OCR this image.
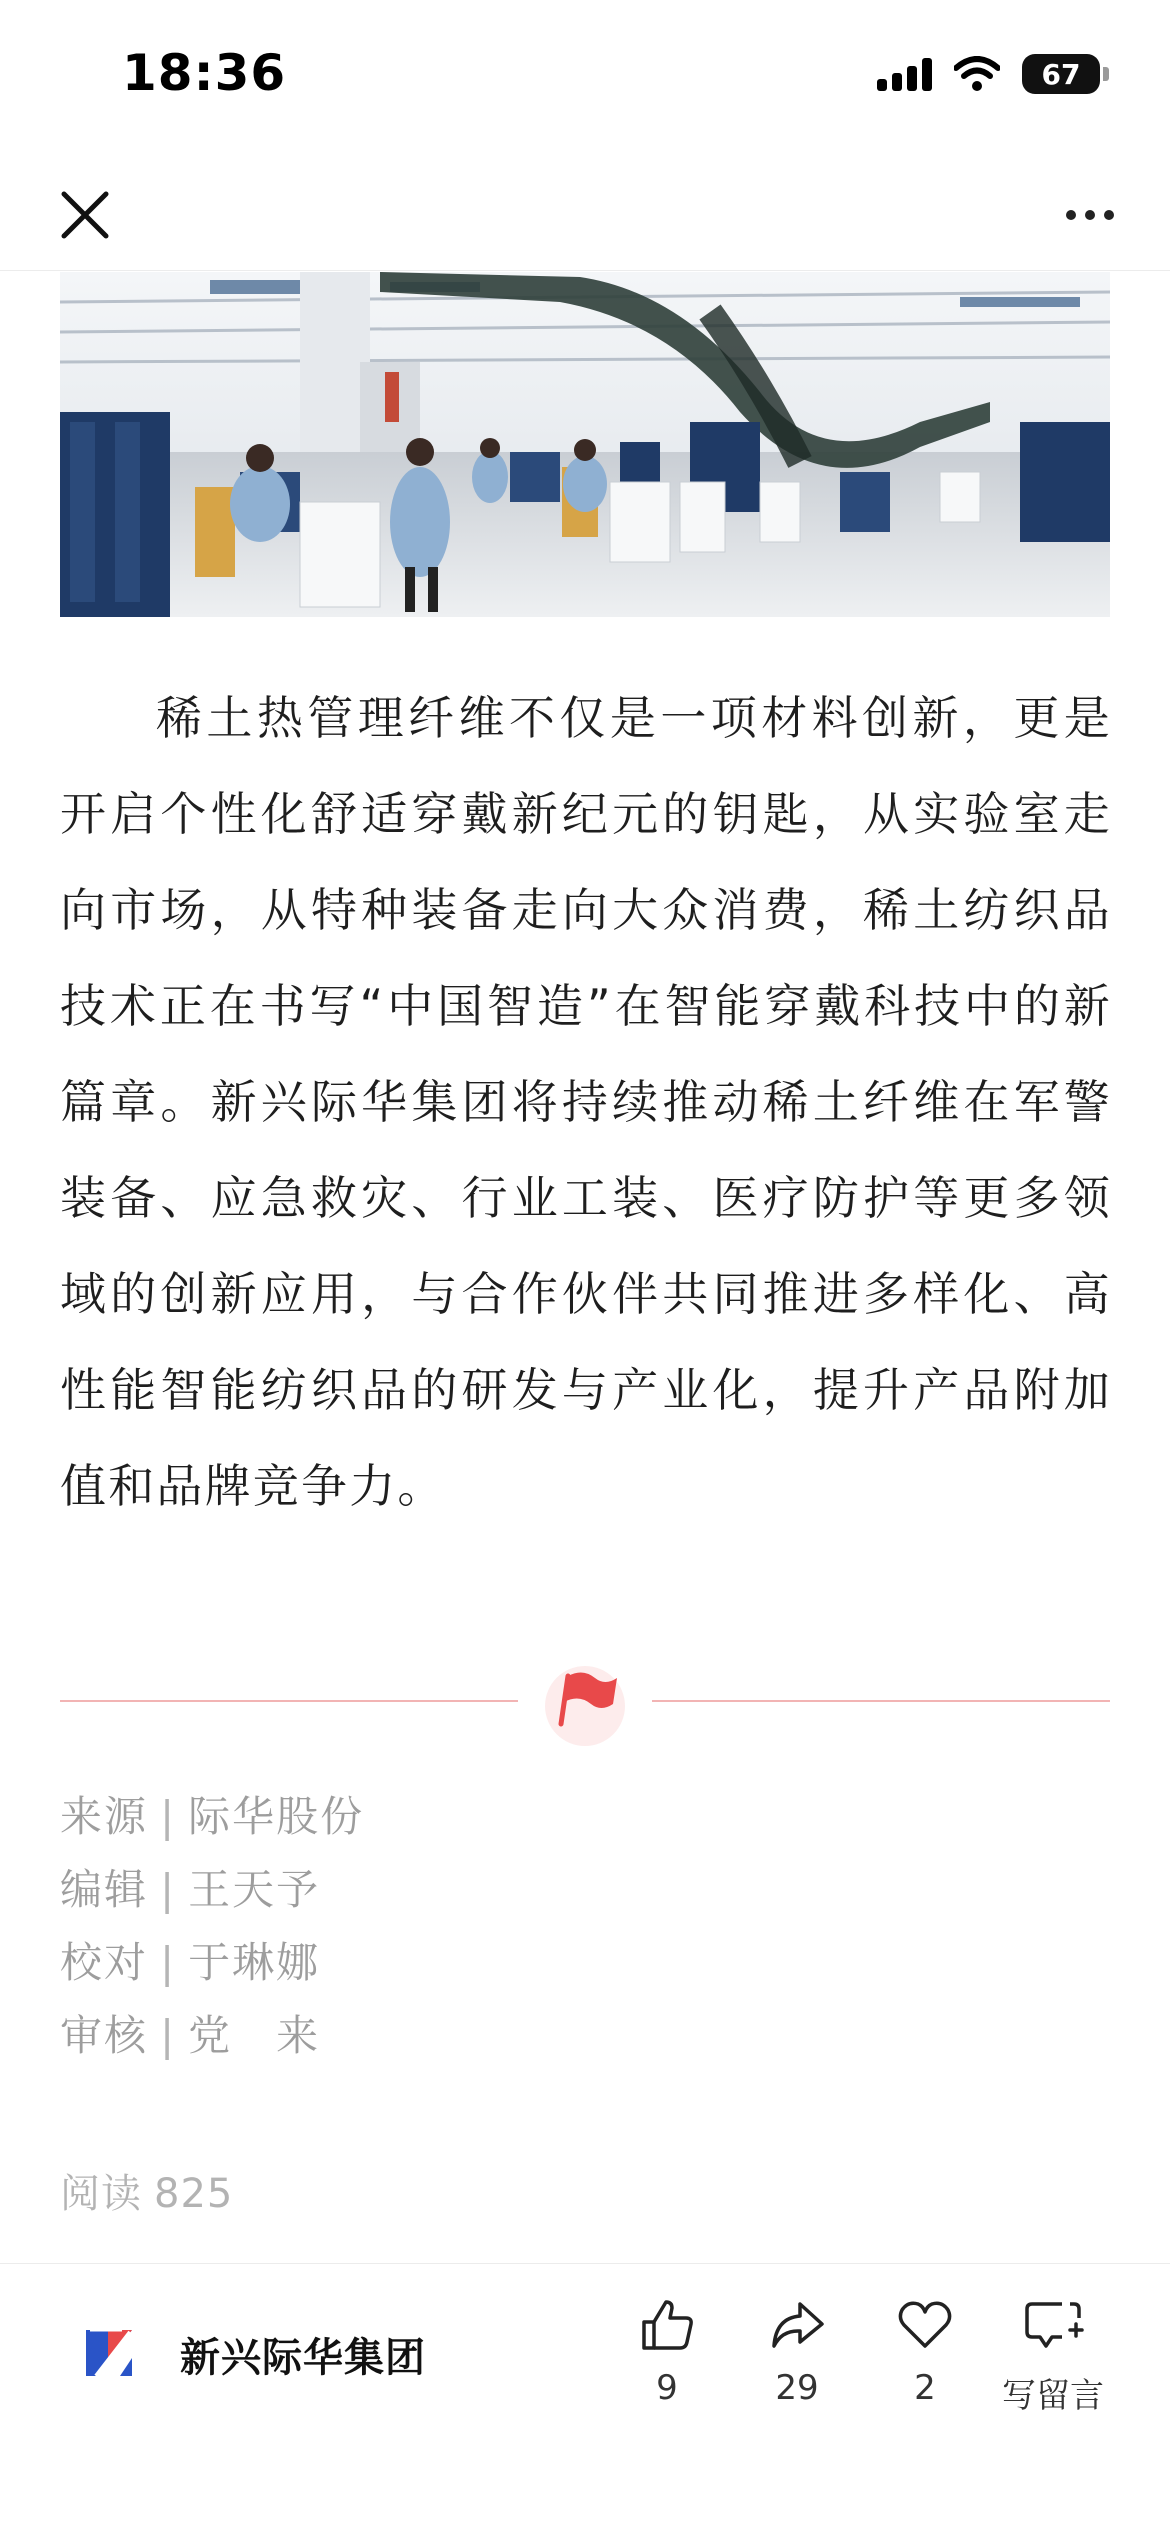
18:36	67

稀土热管理纤维不仅是一项材料创新，更是开启个性化舒适穿戴新纪元的钥匙，从实验室走向市场，从特种装备走向大众消费，稀土纺织品技术正在书写“中国智造”在智能穿戴科技中的新篇章。新兴际华集团将持续推动稀土纤维在军警装备、应急救灾、行业工装、医疗防护等更多领域的创新应用，与合作伙伴共同推进多样化、高性能智能纺织品的研发与产业化，提升产品附加值和品牌竞争力。

来源 | 际华股份
编辑 | 王天予
校对 | 于琳娜
审核 | 党　来
阅读 825
新兴际华集团
9	29	2	写留言
